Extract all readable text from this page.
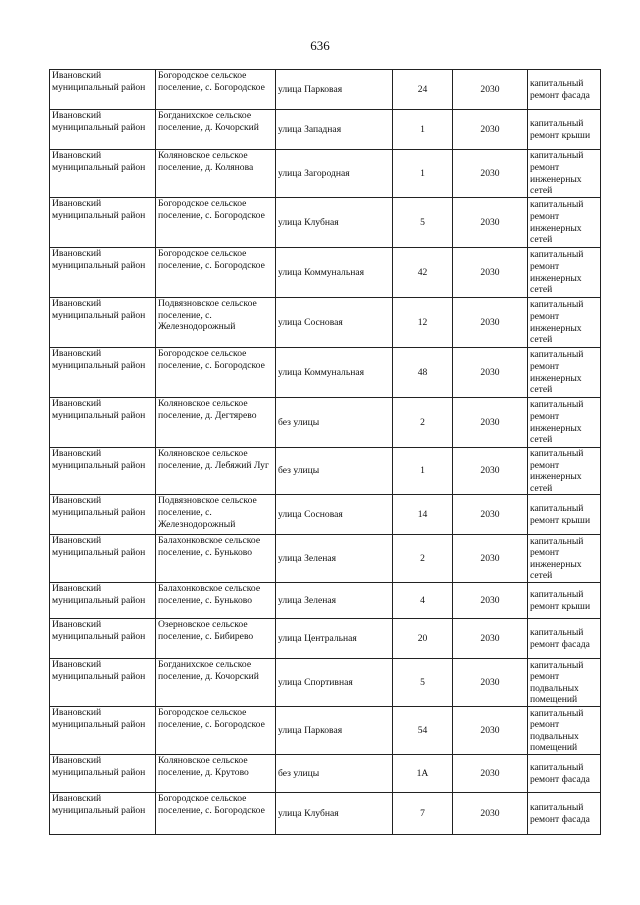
636
Ивановский муниципальный район	Богородское сельское поселение, с. Богородское	улица Парковая	24	2030	капитальный ремонт фасада
Ивановский муниципальный район	Богданихское сельское поселение, д. Кочорский	улица Западная	1	2030	капитальный ремонт крыши
Ивановский муниципальный район	Коляновское сельское поселение, д. Колянова	улица Загородная	1	2030	капитальный ремонт инженерных сетей
Ивановский муниципальный район	Богородское сельское поселение, с. Богородское	улица Клубная	5	2030	капитальный ремонт инженерных сетей
Ивановский муниципальный район	Богородское сельское поселение, с. Богородское	улица Коммунальная	42	2030	капитальный ремонт инженерных сетей
Ивановский муниципальный район	Подвязновское сельское поселение, с. Железнодорожный	улица Сосновая	12	2030	капитальный ремонт инженерных сетей
Ивановский муниципальный район	Богородское сельское поселение, с. Богородское	улица Коммунальная	48	2030	капитальный ремонт инженерных сетей
Ивановский муниципальный район	Коляновское сельское поселение, д. Дегтярево	без улицы	2	2030	капитальный ремонт инженерных сетей
Ивановский муниципальный район	Коляновское сельское поселение, д. Лебяжий Луг	без улицы	1	2030	капитальный ремонт инженерных сетей
Ивановский муниципальный район	Подвязновское сельское поселение, с. Железнодорожный	улица Сосновая	14	2030	капитальный ремонт крыши
Ивановский муниципальный район	Балахонковское сельское поселение, с. Буньково	улица Зеленая	2	2030	капитальный ремонт инженерных сетей
Ивановский муниципальный район	Балахонковское сельское поселение, с. Буньково	улица Зеленая	4	2030	капитальный ремонт крыши
Ивановский муниципальный район	Озерновское сельское поселение, с. Бибирево	улица Центральная	20	2030	капитальный ремонт фасада
Ивановский муниципальный район	Богданихское сельское поселение, д. Кочорский	улица Спортивная	5	2030	капитальный ремонт подвальных помещений
Ивановский муниципальный район	Богородское сельское поселение, с. Богородское	улица Парковая	54	2030	капитальный ремонт подвальных помещений
Ивановский муниципальный район	Коляновское сельское поселение, д. Крутово	без улицы	1А	2030	капитальный ремонт фасада
Ивановский муниципальный район	Богородское сельское поселение, с. Богородское	улица Клубная	7	2030	капитальный ремонт фасада
